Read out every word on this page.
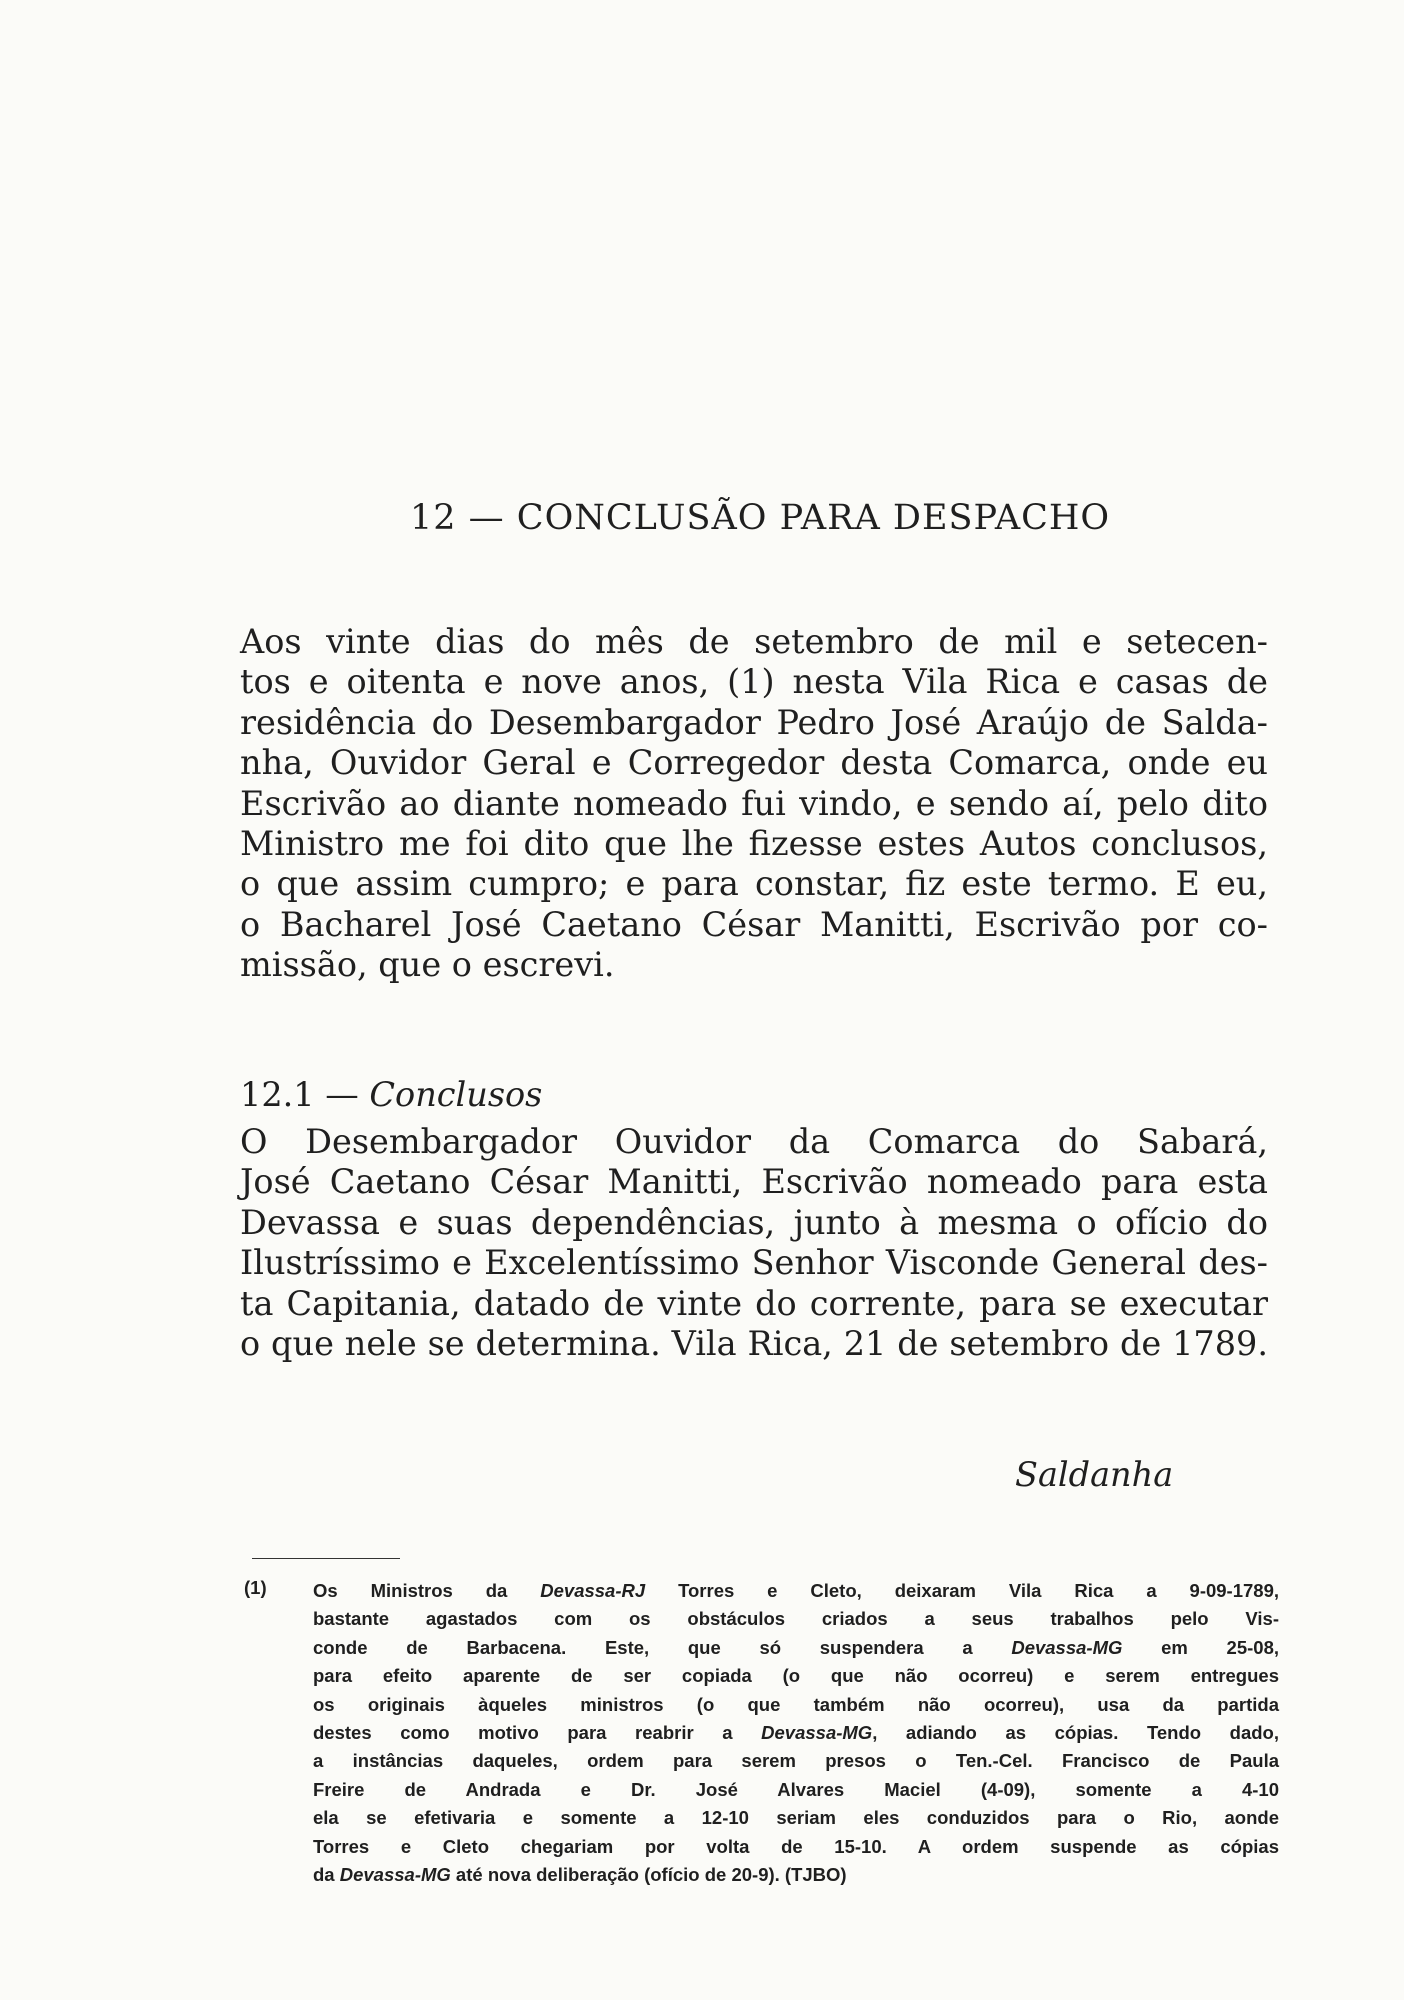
12 — CONCLUSÃO PARA DESPACHO
Aos vinte dias do mês de setembro de mil e setecen-
tos e oitenta e nove anos, (1) nesta Vila Rica e casas de
residência do Desembargador Pedro José Araújo de Salda-
nha, Ouvidor Geral e Corregedor desta Comarca, onde eu
Escrivão ao diante nomeado fui vindo, e sendo aí, pelo dito
Ministro me foi dito que lhe fizesse estes Autos conclusos,
o que assim cumpro; e para constar, fiz este termo. E eu,
o Bacharel José Caetano César Manitti, Escrivão por co-
missão, que o escrevi.
12.1 — Conclusos
O Desembargador Ouvidor da Comarca do Sabará,
José Caetano César Manitti, Escrivão nomeado para esta
Devassa e suas dependências, junto à mesma o ofício do
Ilustríssimo e Excelentíssimo Senhor Visconde General des-
ta Capitania, datado de vinte do corrente, para se executar
o que nele se determina. Vila Rica, 21 de setembro de 1789.
Saldanha
(1)	Os Ministros da Devassa-RJ Torres e Cleto, deixaram Vila Rica a 9-09-1789,
bastante agastados com os obstáculos criados a seus trabalhos pelo Vis-
conde de Barbacena. Este, que só suspendera a Devassa-MG em 25-08,
para efeito aparente de ser copiada (o que não ocorreu) e serem entregues
os originais àqueles ministros (o que também não ocorreu), usa da partida
destes como motivo para reabrir a Devassa-MG, adiando as cópias. Tendo dado,
a instâncias daqueles, ordem para serem presos o Ten.-Cel. Francisco de Paula
Freire de Andrada e Dr. José Alvares Maciel (4-09), somente a 4-10
ela se efetivaria e somente a 12-10 seriam eles conduzidos para o Rio, aonde
Torres e Cleto chegariam por volta de 15-10. A ordem suspende as cópias
da Devassa-MG até nova deliberação (ofício de 20-9). (TJBO)
